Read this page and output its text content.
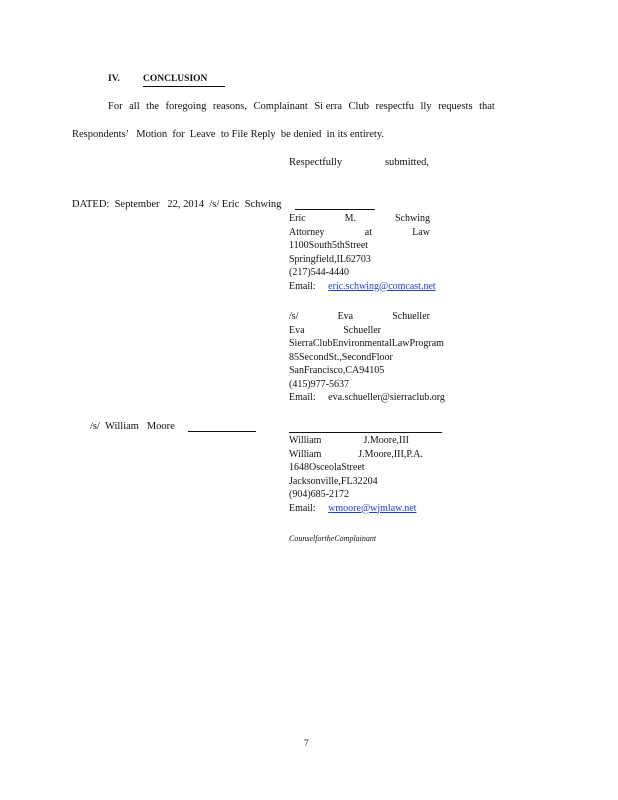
IV. CONCLUSION
For all the foregoing reasons, Complainant Si erra Club respectfu lly requests that
Respondents’   Motion  for  Leave  to File Reply  be denied  in its entirety.
Respectfully	submitted,
DATED:  September   22, 2014  /s/ Eric  Schwing
Eric	M.	Schwing
Attorney	at	Law
1100South5thStreet
Springfield,IL62703
(217)544-4440
Email: eric.schwing@comcast.net
/s/	Eva	Schueller
Eva	Schueller
SierraClubEnvironmentalLawProgram
85SecondSt.,SecondFloor
SanFrancisco,CA94105
(415)977-5637
Email: eva.schueller@sierraclub.org
/s/  William   Moore
William	J.Moore,III
William	J.Moore,III,P.A.
1648OsceolaStreet
Jacksonville,FL32204
(904)685-2172
Email: wmoore@wjmlaw.net
CounselfortheComplainant
7
